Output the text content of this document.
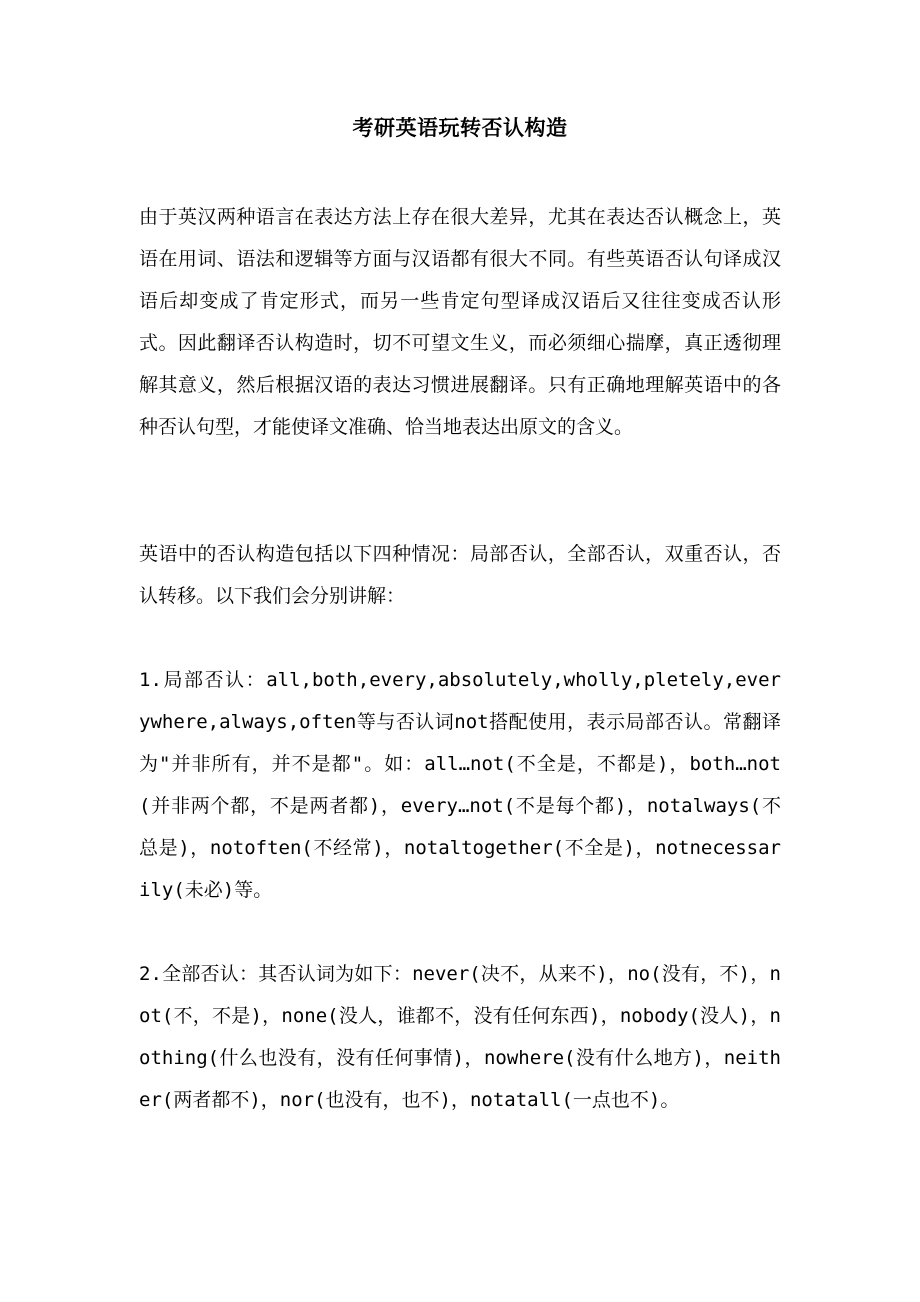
考研英语玩转否认构造

由于英汉两种语言在表达方法上存在很大差异，尤其在表达否认概念上，英语在用词、语法和逻辑等方面与汉语都有很大不同。有些英语否认句译成汉语后却变成了肯定形式，而另一些肯定句型译成汉语后又往往变成否认形式。因此翻译否认构造时，切不可望文生义，而必须细心揣摩，真正透彻理解其意义，然后根据汉语的表达习惯进展翻译。只有正确地理解英语中的各种否认句型，才能使译文准确、恰当地表达出原文的含义。

英语中的否认构造包括以下四种情况：局部否认，全部否认，双重否认，否认转移。以下我们会分别讲解：

1.局部否认：all,both,every,absolutely,wholly,pletely,everywhere,always,often等与否认词not搭配使用，表示局部否认。常翻译为"并非所有，并不是都"。如：all…not(不全是，不都是)，both…not(并非两个都，不是两者都)，every…not(不是每个都)，notalways(不总是)，notoften(不经常)，notaltogether(不全是)，notnecessarily(未必)等。

2.全部否认：其否认词为如下：never(决不，从来不)，no(没有，不)，not(不，不是)，none(没人，谁都不，没有任何东西)，nobody(没人)，nothing(什么也没有，没有任何事情)，nowhere(没有什么地方)，neither(两者都不)，nor(也没有，也不)，notatall(一点也不)。
